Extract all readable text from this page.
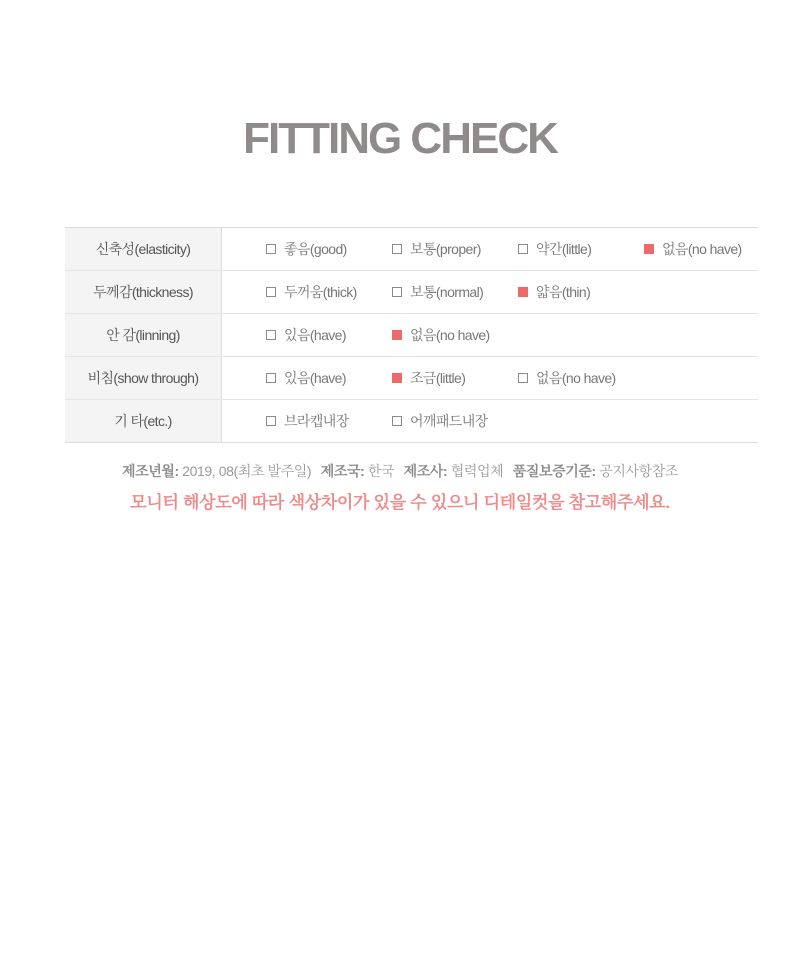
FITTING CHECK
신축성(elasticity)	좋음(good)	보통(proper)	약간(little)	없음(no have)
두께감(thickness)	두꺼움(thick)	보통(normal)	얇음(thin)
안 감(linning)	있음(have)	없음(no have)
비침(show through)	있음(have)	조금(little)	없음(no have)
기 타(etc.)	브라캡내장	어깨패드내장
제조년월: 2019, 08(최초 발주일) 제조국: 한국 제조사: 협력업체 품질보증기준: 공지사항참조
모니터 해상도에 따라 색상차이가 있을 수 있으니 디테일컷을 참고해주세요.
